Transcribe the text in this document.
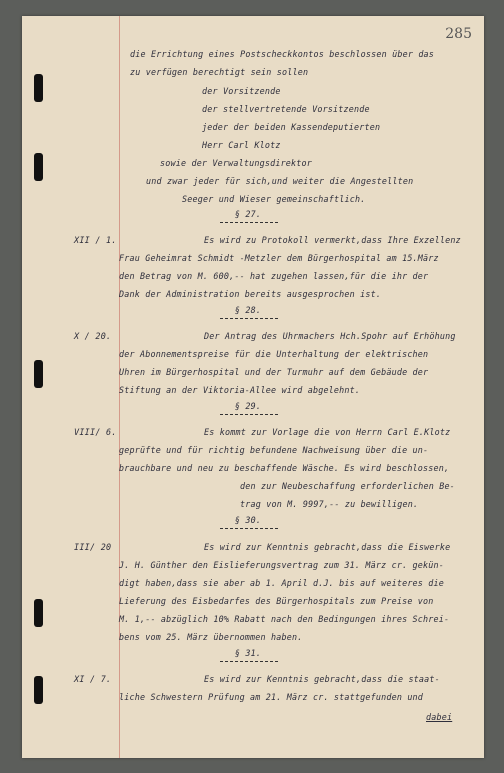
285
die Errichtung eines Postscheckkontos beschlossen über das
zu verfügen berechtigt sein sollen
der Vorsitzende
der stellvertretende Vorsitzende
jeder der beiden Kassendeputierten
Herr Carl Klotz
sowie der Verwaltungsdirektor
und zwar jeder für sich,und weiter die Angestellten
Seeger und Wieser gemeinschaftlich.
§ 27.
XII / 1.	Es wird zu Protokoll vermerkt,dass Ihre Exzellenz
Frau Geheimrat Schmidt -Metzler dem Bürgerhospital am 15.März
den Betrag von M. 600,-- hat zugehen lassen,für die ihr der
Dank der Administration bereits ausgesprochen ist.
§ 28.
X / 20.	Der Antrag des Uhrmachers Hch.Spohr auf Erhöhung
der Abonnementspreise für die Unterhaltung der elektrischen
Uhren im Bürgerhospital und der Turmuhr auf dem Gebäude der
Stiftung an der Viktoria-Allee wird abgelehnt.
§ 29.
VIII/ 6.	Es kommt zur Vorlage die von Herrn Carl E.Klotz
geprüfte und für richtig befundene Nachweisung über die un-
brauchbare und neu zu beschaffende Wäsche. Es wird beschlossen,
den zur Neubeschaffung erforderlichen Be-
trag von M. 9997,-- zu bewilligen.
§ 30.
III/ 20	Es wird zur Kenntnis gebracht,dass die Eiswerke
J. H. Günther den Eislieferungsvertrag zum 31. März cr. gekün-
digt haben,dass sie aber ab 1. April d.J. bis auf weiteres die
Lieferung des Eisbedarfes des Bürgerhospitals zum Preise von
M. 1,-- abzüglich 10% Rabatt nach den Bedingungen ihres Schrei-
bens vom 25. März übernommen haben.
§ 31.
XI / 7.	Es wird zur Kenntnis gebracht,dass die staat-
liche Schwestern Prüfung am 21. März cr. stattgefunden und
dabei
